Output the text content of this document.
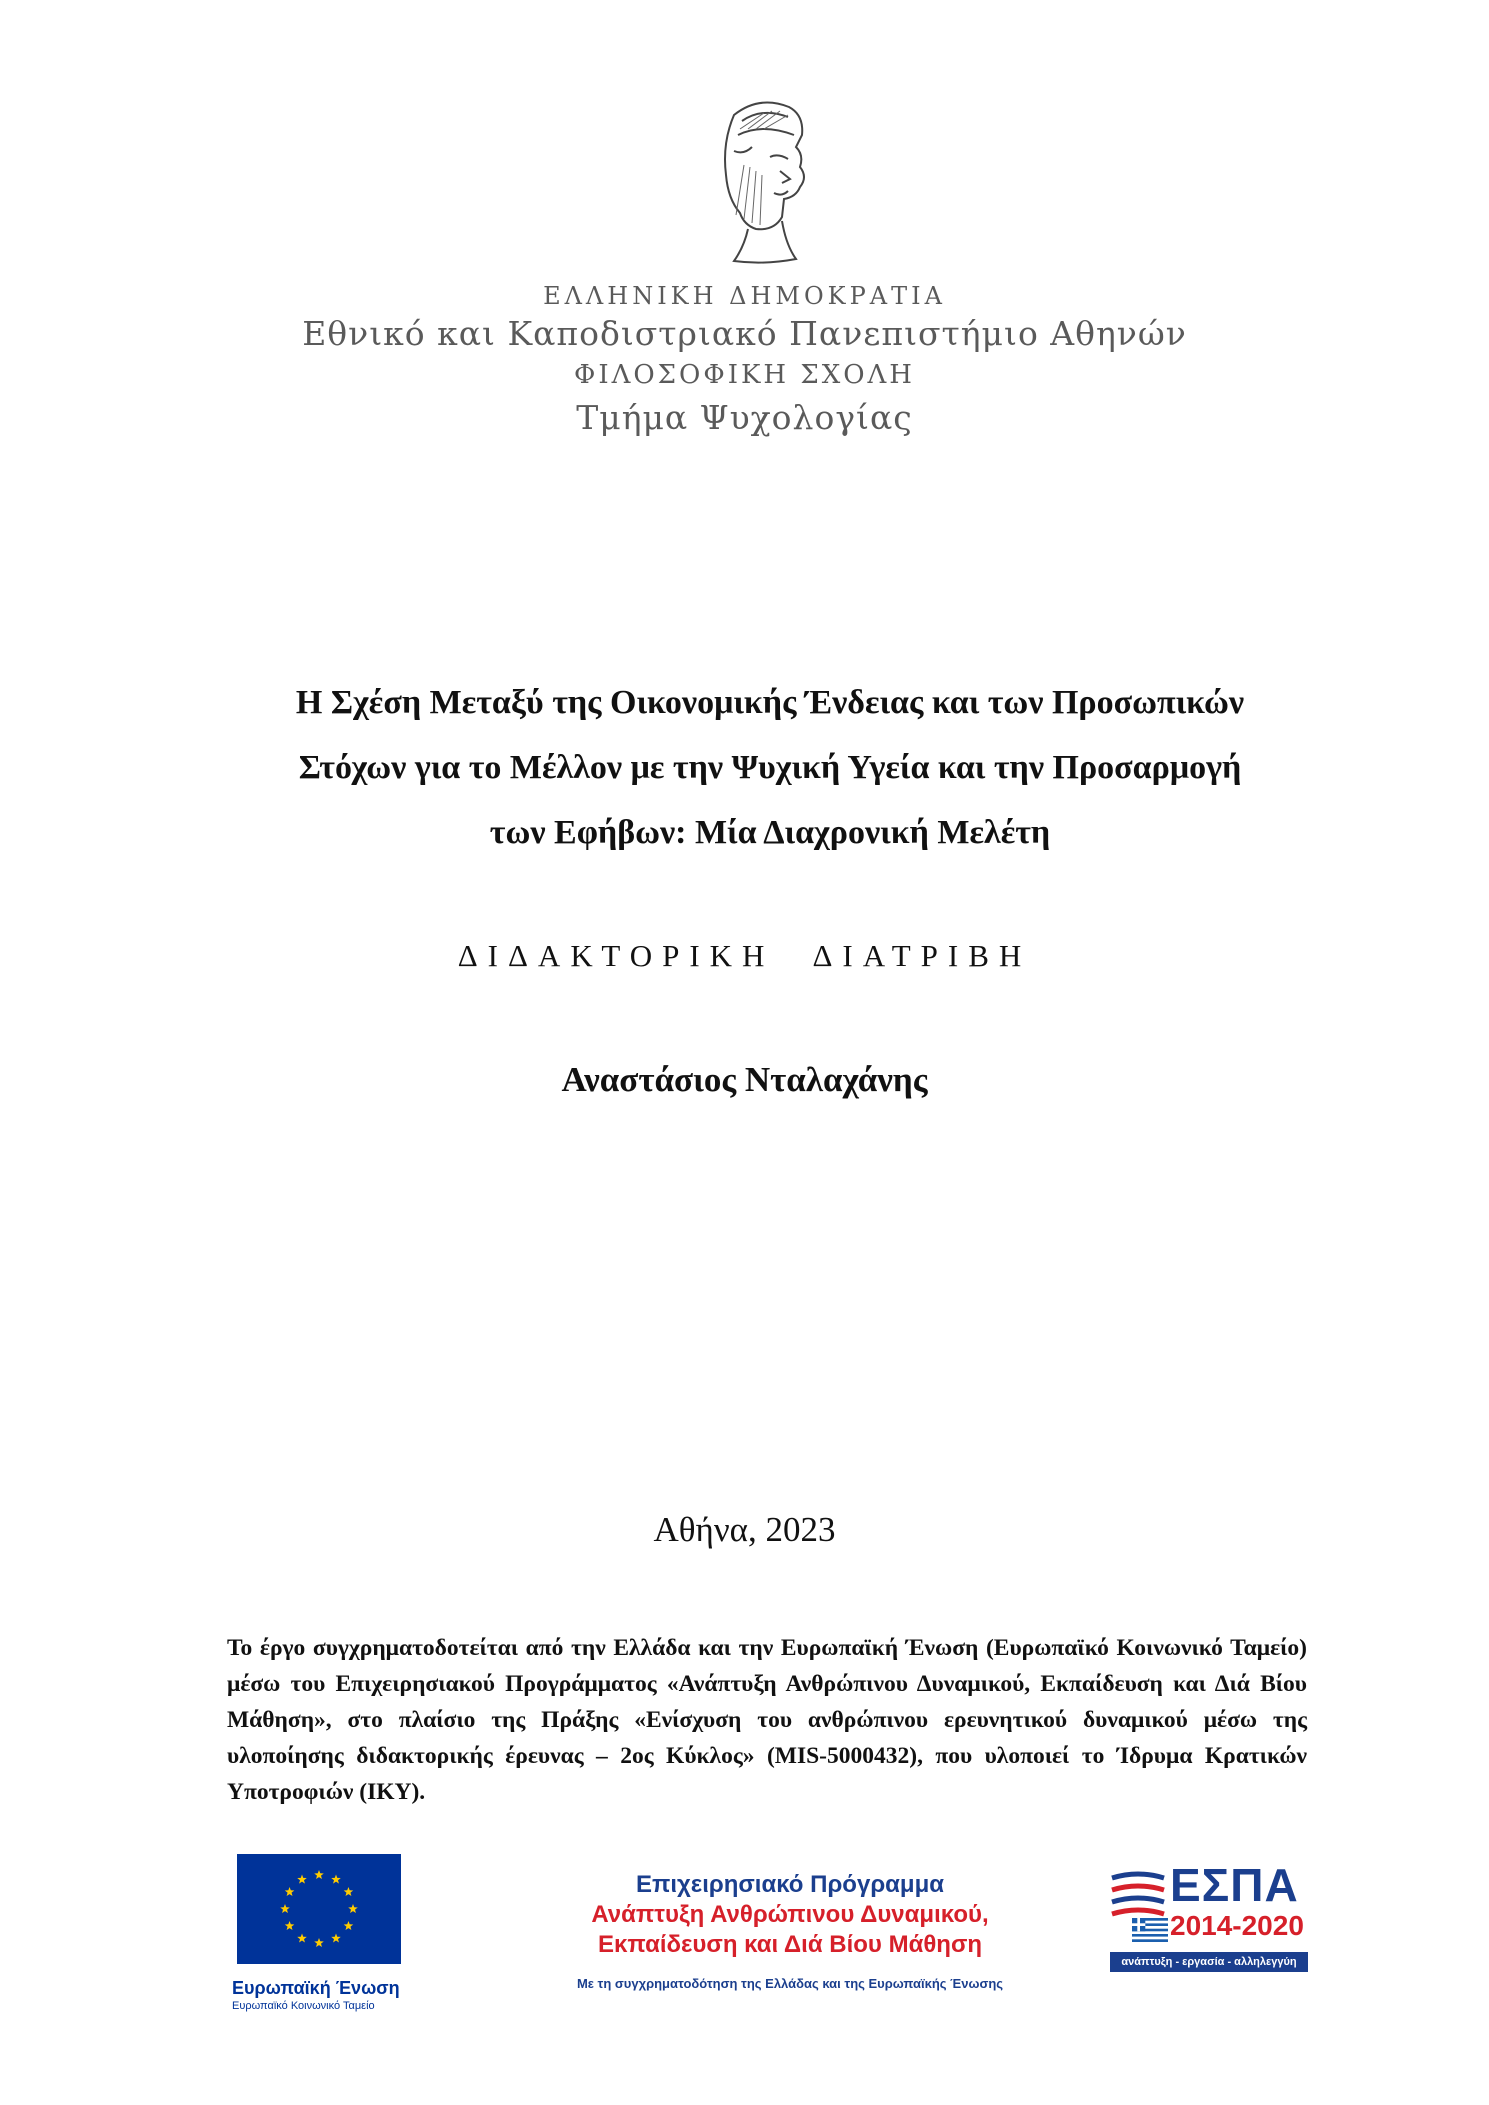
ΕΛΛΗΝΙΚΗ ΔΗΜΟΚΡΑΤΙΑ
Εθνικό και Καποδιστριακό Πανεπιστήμιο Αθηνών
ΦΙΛΟΣΟΦΙΚΗ ΣΧΟΛΗ
Τμήμα Ψυχολογίας
Η Σχέση Μεταξύ της Οικονομικής Ένδειας και των Προσωπικών
Στόχων για το Μέλλον με την Ψυχική Υγεία και την Προσαρμογή
των Εφήβων: Μία Διαχρονική Μελέτη
ΔΙΔΑΚΤΟΡΙΚΗ ΔΙΑΤΡΙΒΗ
Αναστάσιος Νταλαχάνης
Αθήνα, 2023
Το έργο συγχρηματοδοτείται από την Ελλάδα και την Ευρωπαϊκή Ένωση (Ευρωπαϊκό Κοινωνικό Ταμείο) μέσω του Επιχειρησιακού Προγράμματος «Ανάπτυξη Ανθρώπινου Δυναμικού, Εκπαίδευση και Διά Βίου Μάθηση», στο πλαίσιο της Πράξης «Ενίσχυση του ανθρώπινου ερευνητικού δυναμικού μέσω της υλοποίησης διδακτορικής έρευνας – 2ος Κύκλος» (MIS-5000432), που υλοποιεί το Ίδρυμα Κρατικών Υποτροφιών (ΙΚΥ).
Ευρωπαϊκή Ένωση
Ευρωπαϊκό Κοινωνικό Ταμείο
Επιχειρησιακό Πρόγραμμα
Ανάπτυξη Ανθρώπινου Δυναμικού,
Εκπαίδευση και Διά Βίου Μάθηση
Με τη συγχρηματοδότηση της Ελλάδας και της Ευρωπαϊκής Ένωσης
ΕΣΠΑ
2014-2020
ανάπτυξη - εργασία - αλληλεγγύη
